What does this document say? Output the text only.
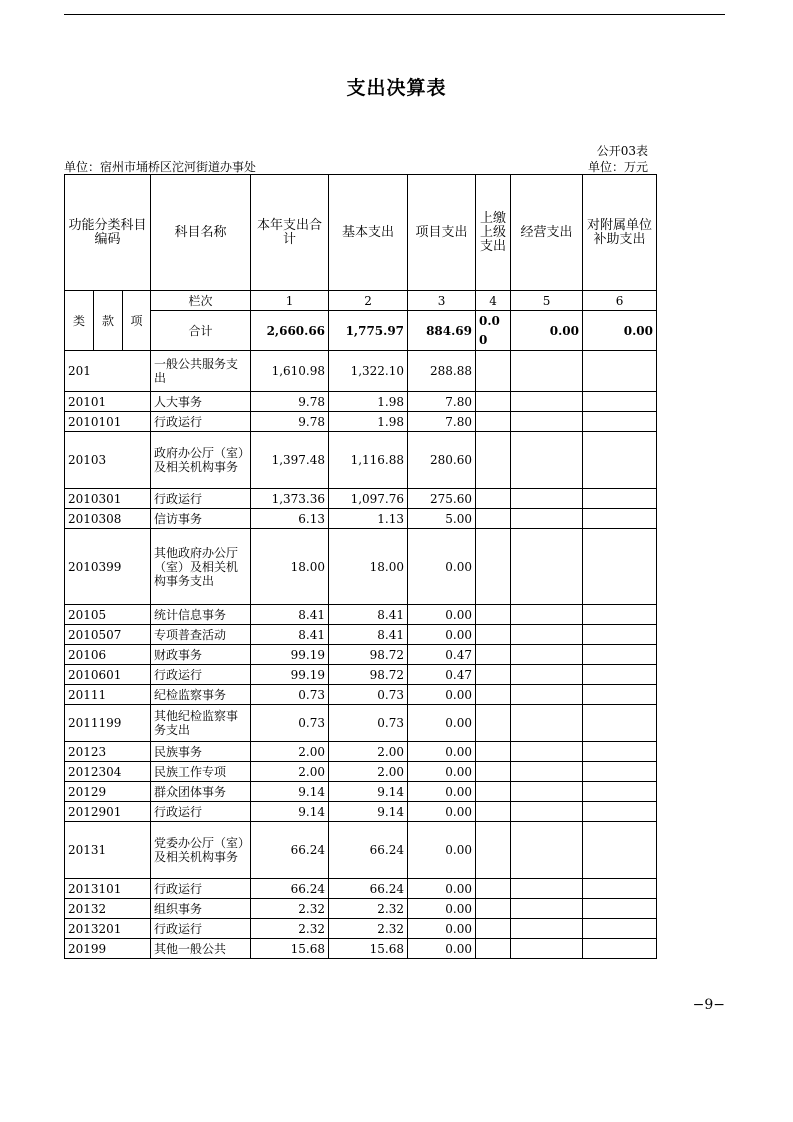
支出决算表
公开03表
单位：宿州市埇桥区沱河街道办事处	单位：万元
功能分类科目编码			科目名称	本年支出合计	基本支出	项目支出	上缴上级支出	经营支出	对附属单位补助支出
类	款	项	栏次	1	2	3	4	5	6
			合计	2,660.66	1,775.97	884.69	0.00	0.00	0.00
201			一般公共服务支出	1,610.98	1,322.10	288.88			
20101			人大事务	9.78	1.98	7.80			
2010101			行政运行	9.78	1.98	7.80			
20103			政府办公厅（室）及相关机构事务	1,397.48	1,116.88	280.60			
2010301			行政运行	1,373.36	1,097.76	275.60			
2010308			信访事务	6.13	1.13	5.00			
2010399			其他政府办公厅（室）及相关机构事务支出	18.00	18.00	0.00			
20105			统计信息事务	8.41	8.41	0.00			
2010507			专项普查活动	8.41	8.41	0.00			
20106			财政事务	99.19	98.72	0.47			
2010601			行政运行	99.19	98.72	0.47			
20111			纪检监察事务	0.73	0.73	0.00			
2011199			其他纪检监察事务支出	0.73	0.73	0.00			
20123			民族事务	2.00	2.00	0.00			
2012304			民族工作专项	2.00	2.00	0.00			
20129			群众团体事务	9.14	9.14	0.00			
2012901			行政运行	9.14	9.14	0.00			
20131			党委办公厅（室）及相关机构事务	66.24	66.24	0.00			
2013101			行政运行	66.24	66.24	0.00			
20132			组织事务	2.32	2.32	0.00			
2013201			行政运行	2.32	2.32	0.00			
20199			其他一般公共	15.68	15.68	0.00			
−9−
